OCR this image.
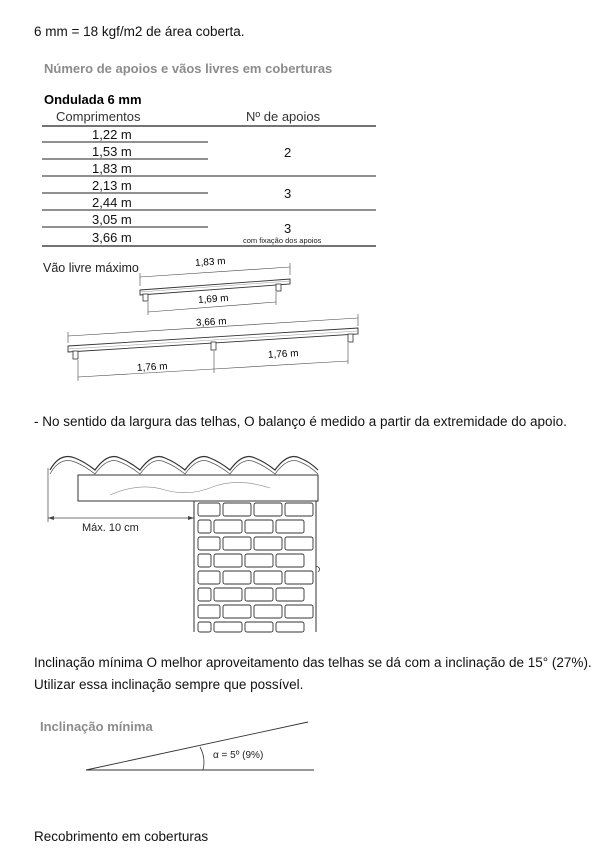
6 mm = 18 kgf/m2 de área coberta.
Número de apoios e vãos livres em coberturas
Ondulada 6 mm
Comprimentos	Nº de apoios
1,22 m
1,53 m
1,83 m
2,13 m
2,44 m
3,05 m
3,66 m
2
3
3
com fixação dos apoios
Vão livre máximo	1,83 m
1,69 m
3,66 m
1,76 m
1,76 m
- No sentido da largura das telhas, O balanço é medido a partir da extremidade do apoio.
Máx. 10 cm
Inclinação mínima O melhor aproveitamento das telhas se dá com a inclinação de 15° (27%).
Utilizar essa inclinação sempre que possível.
Inclinação mínima
α = 5º (9%)
Recobrimento em coberturas
